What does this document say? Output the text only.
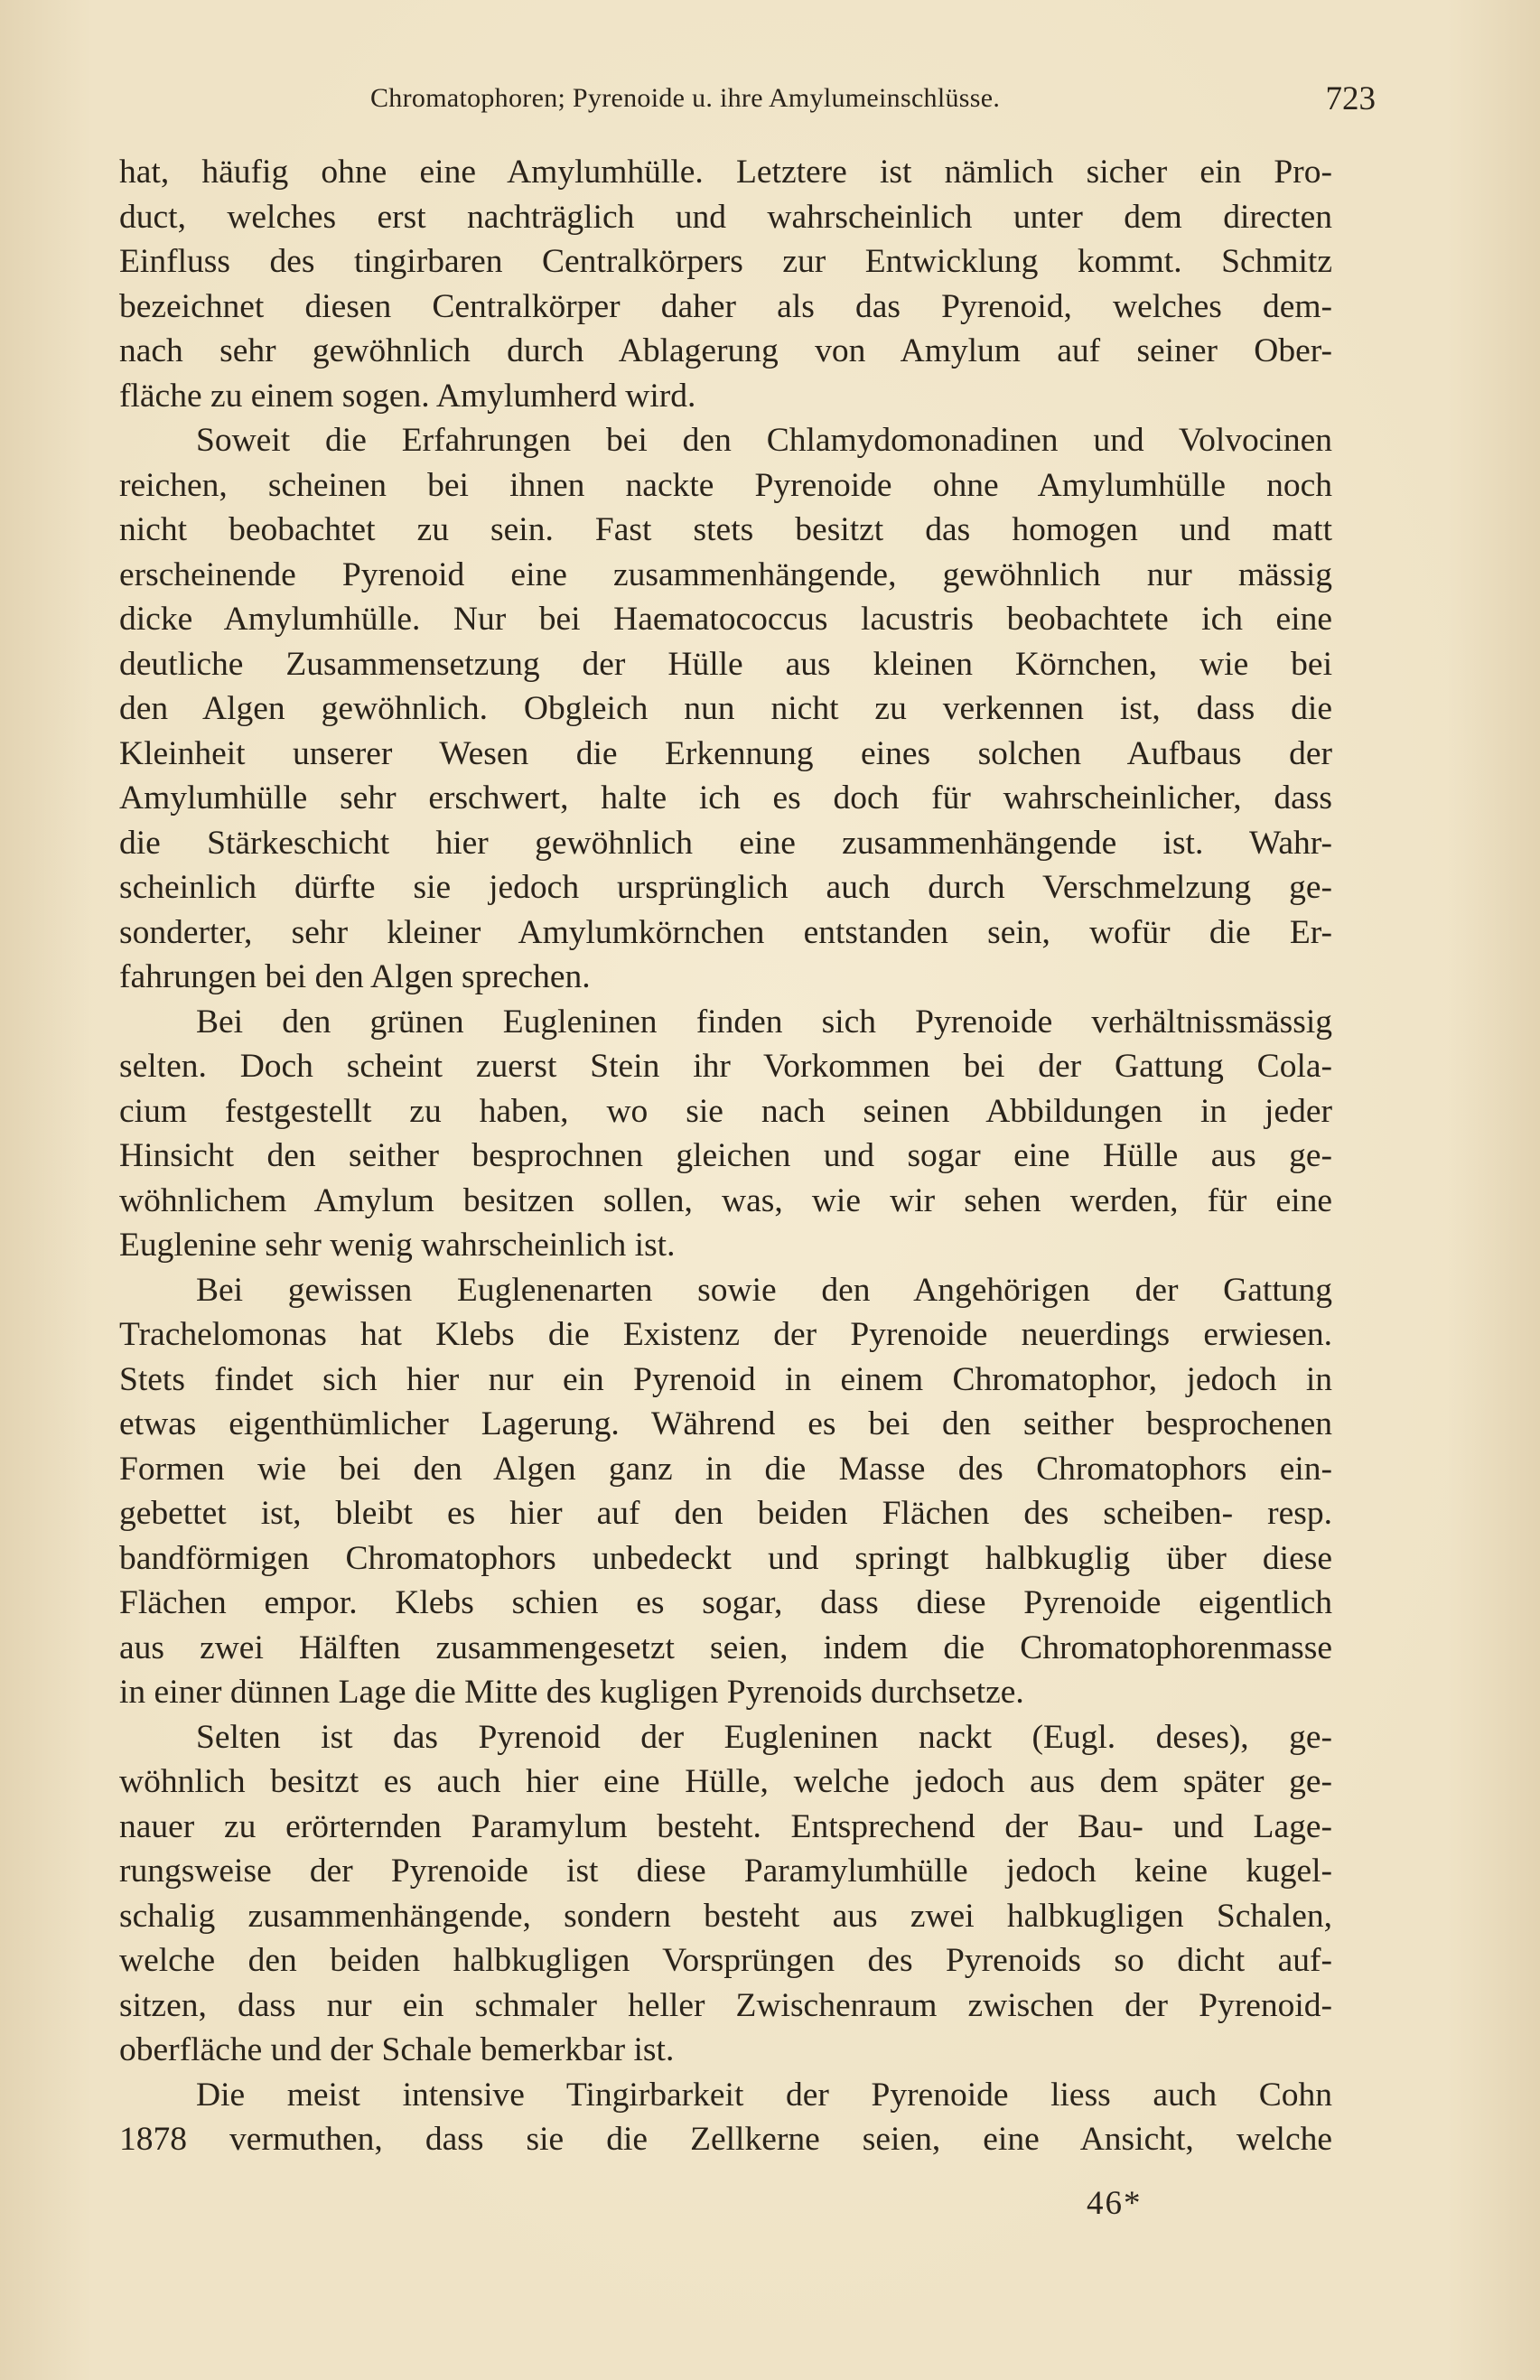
Chromatophoren; Pyrenoide u. ihre Amylumeinschlüsse.	723
hat, häufig ohne eine Amylumhülle. Letztere ist nämlich sicher ein Pro-
duct, welches erst nachträglich und wahrscheinlich unter dem directen
Einfluss des tingirbaren Centralkörpers zur Entwicklung kommt. Schmitz
bezeichnet diesen Centralkörper daher als das Pyrenoid, welches dem-
nach sehr gewöhnlich durch Ablagerung von Amylum auf seiner Ober-
fläche zu einem sogen. Amylumherd wird.
Soweit die Erfahrungen bei den Chlamydomonadinen und Volvocinen
reichen, scheinen bei ihnen nackte Pyrenoide ohne Amylumhülle noch
nicht beobachtet zu sein. Fast stets besitzt das homogen und matt
erscheinende Pyrenoid eine zusammenhängende, gewöhnlich nur mässig
dicke Amylumhülle. Nur bei Haematococcus lacustris beobachtete ich eine
deutliche Zusammensetzung der Hülle aus kleinen Körnchen, wie bei
den Algen gewöhnlich. Obgleich nun nicht zu verkennen ist, dass die
Kleinheit unserer Wesen die Erkennung eines solchen Aufbaus der
Amylumhülle sehr erschwert, halte ich es doch für wahrscheinlicher, dass
die Stärkeschicht hier gewöhnlich eine zusammenhängende ist. Wahr-
scheinlich dürfte sie jedoch ursprünglich auch durch Verschmelzung ge-
sonderter, sehr kleiner Amylumkörnchen entstanden sein, wofür die Er-
fahrungen bei den Algen sprechen.
Bei den grünen Eugleninen finden sich Pyrenoide verhältnissmässig
selten. Doch scheint zuerst Stein ihr Vorkommen bei der Gattung Cola-
cium festgestellt zu haben, wo sie nach seinen Abbildungen in jeder
Hinsicht den seither besprochnen gleichen und sogar eine Hülle aus ge-
wöhnlichem Amylum besitzen sollen, was, wie wir sehen werden, für eine
Euglenine sehr wenig wahrscheinlich ist.
Bei gewissen Euglenenarten sowie den Angehörigen der Gattung
Trachelomonas hat Klebs die Existenz der Pyrenoide neuerdings erwiesen.
Stets findet sich hier nur ein Pyrenoid in einem Chromatophor, jedoch in
etwas eigenthümlicher Lagerung. Während es bei den seither besprochenen
Formen wie bei den Algen ganz in die Masse des Chromatophors ein-
gebettet ist, bleibt es hier auf den beiden Flächen des scheiben- resp.
bandförmigen Chromatophors unbedeckt und springt halbkuglig über diese
Flächen empor. Klebs schien es sogar, dass diese Pyrenoide eigentlich
aus zwei Hälften zusammengesetzt seien, indem die Chromatophorenmasse
in einer dünnen Lage die Mitte des kugligen Pyrenoids durchsetze.
Selten ist das Pyrenoid der Eugleninen nackt (Eugl. deses), ge-
wöhnlich besitzt es auch hier eine Hülle, welche jedoch aus dem später ge-
nauer zu erörternden Paramylum besteht. Entsprechend der Bau- und Lage-
rungsweise der Pyrenoide ist diese Paramylumhülle jedoch keine kugel-
schalig zusammenhängende, sondern besteht aus zwei halbkugligen Schalen,
welche den beiden halbkugligen Vorsprüngen des Pyrenoids so dicht auf-
sitzen, dass nur ein schmaler heller Zwischenraum zwischen der Pyrenoid-
oberfläche und der Schale bemerkbar ist.
Die meist intensive Tingirbarkeit der Pyrenoide liess auch Cohn
1878 vermuthen, dass sie die Zellkerne seien, eine Ansicht, welche
46*
